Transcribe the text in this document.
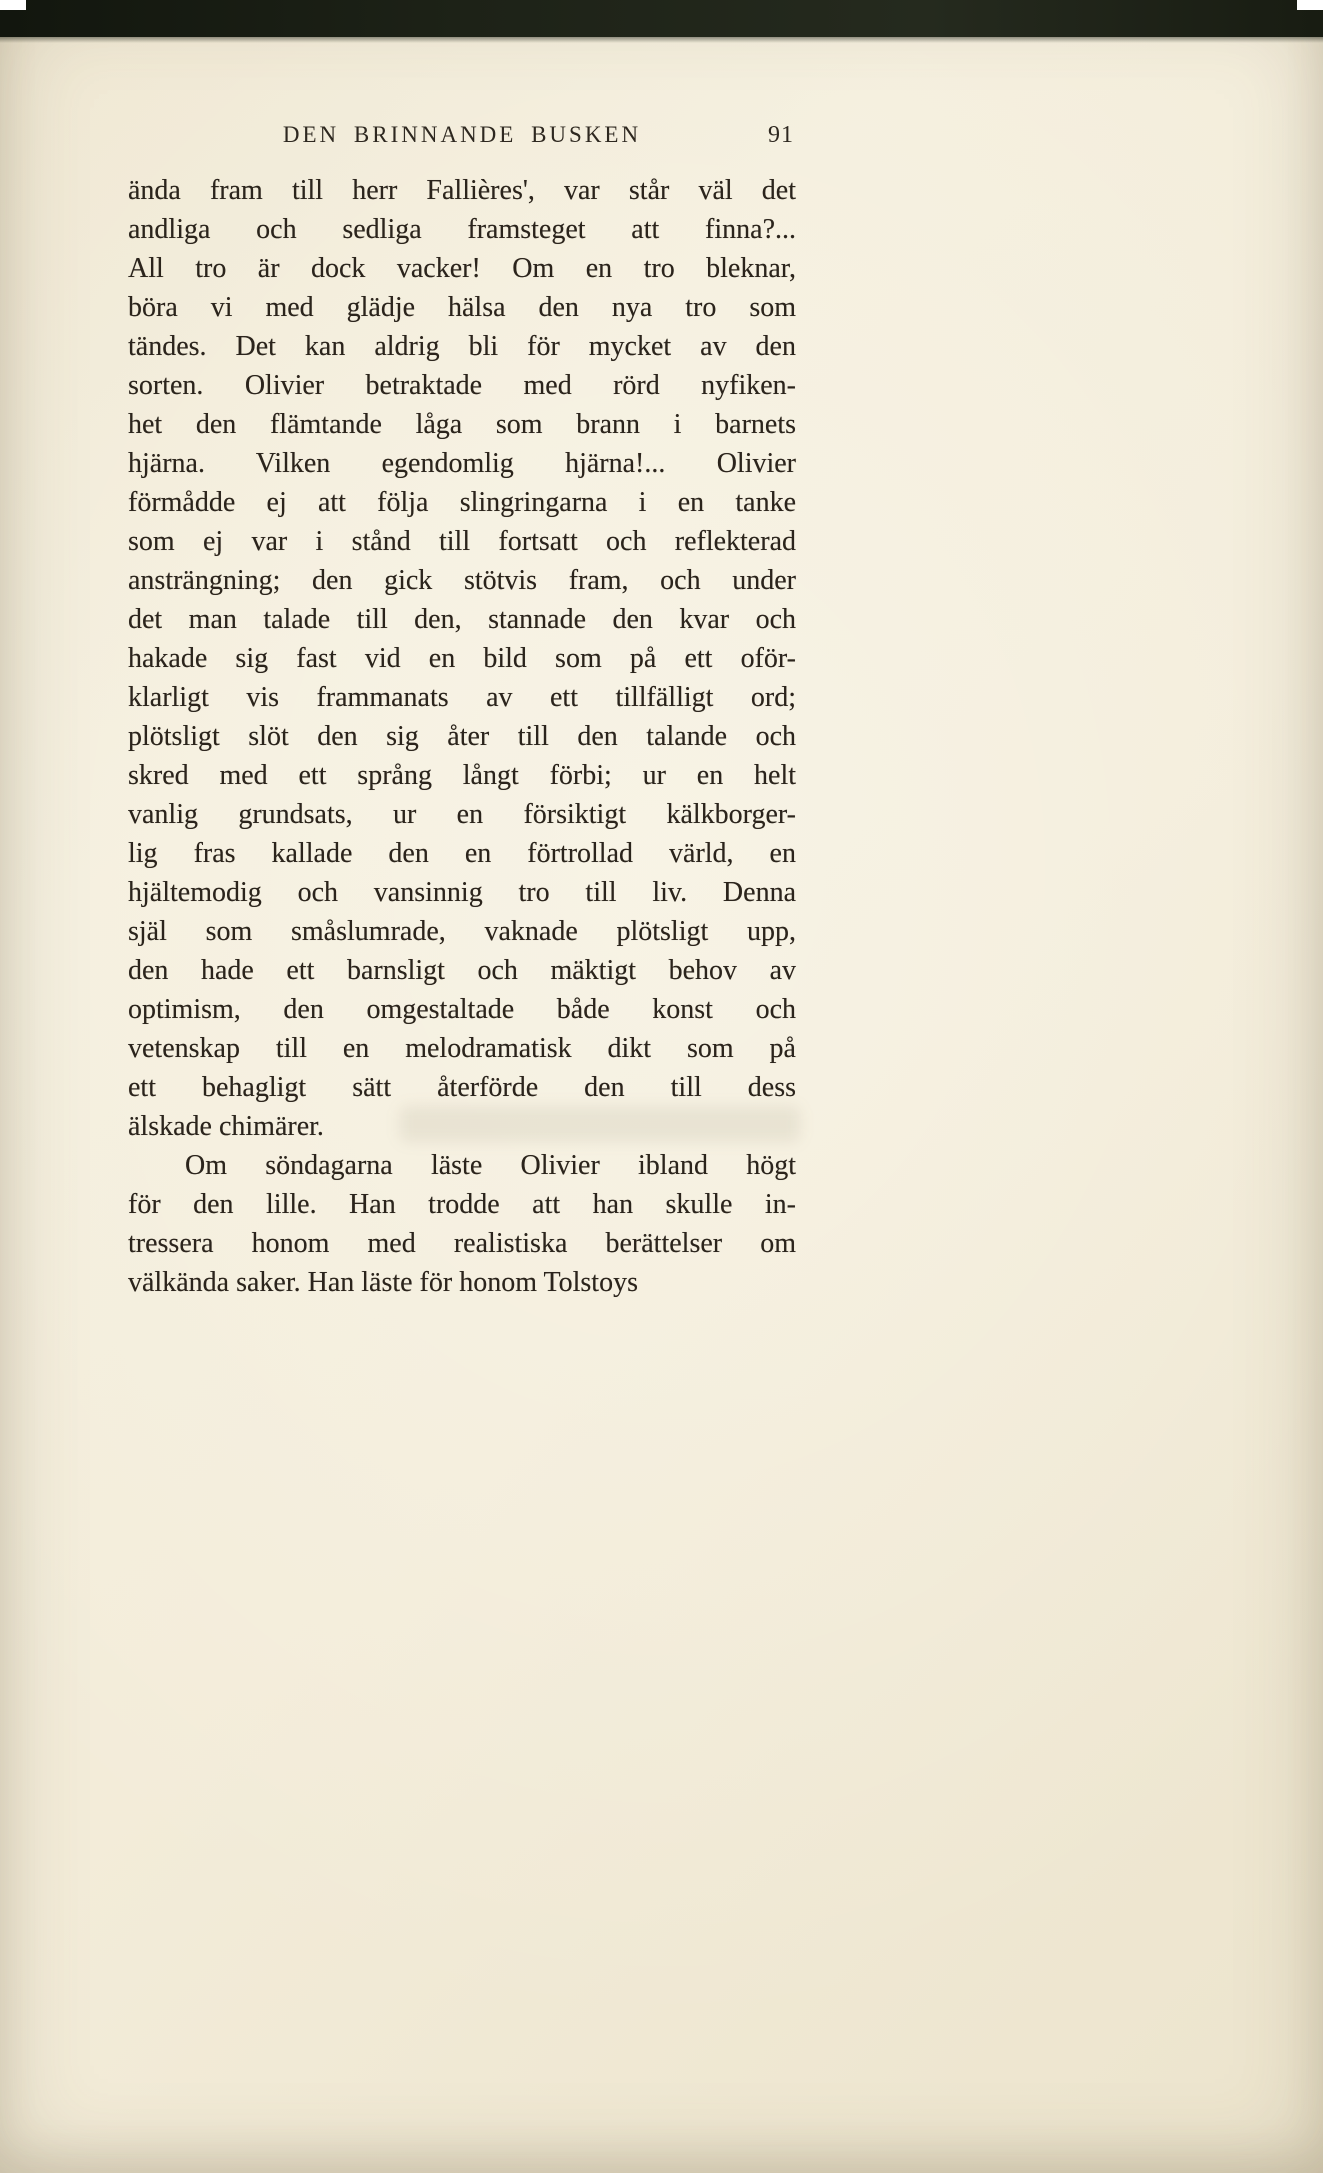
DEN BRINNANDE BUSKEN	91
ända fram till herr Fallières', var står väl det
andliga och sedliga framsteget att finna?...
All tro är dock vacker! Om en tro bleknar,
böra vi med glädje hälsa den nya tro som
tändes. Det kan aldrig bli för mycket av den
sorten. Olivier betraktade med rörd nyfiken-
het den flämtande låga som brann i barnets
hjärna. Vilken egendomlig hjärna!... Olivier
förmådde ej att följa slingringarna i en tanke
som ej var i stånd till fortsatt och reflekterad
ansträngning; den gick stötvis fram, och under
det man talade till den, stannade den kvar och
hakade sig fast vid en bild som på ett oför-
klarligt vis frammanats av ett tillfälligt ord;
plötsligt slöt den sig åter till den talande och
skred med ett språng långt förbi; ur en helt
vanlig grundsats, ur en försiktigt kälkborger-
lig fras kallade den en förtrollad värld, en
hjältemodig och vansinnig tro till liv. Denna
själ som småslumrade, vaknade plötsligt upp,
den hade ett barnsligt och mäktigt behov av
optimism, den omgestaltade både konst och
vetenskap till en melodramatisk dikt som på
ett behagligt sätt återförde den till dess
älskade chimärer.
Om söndagarna läste Olivier ibland högt
för den lille. Han trodde att han skulle in-
tressera honom med realistiska berättelser om
välkända saker. Han läste för honom Tolstoys
